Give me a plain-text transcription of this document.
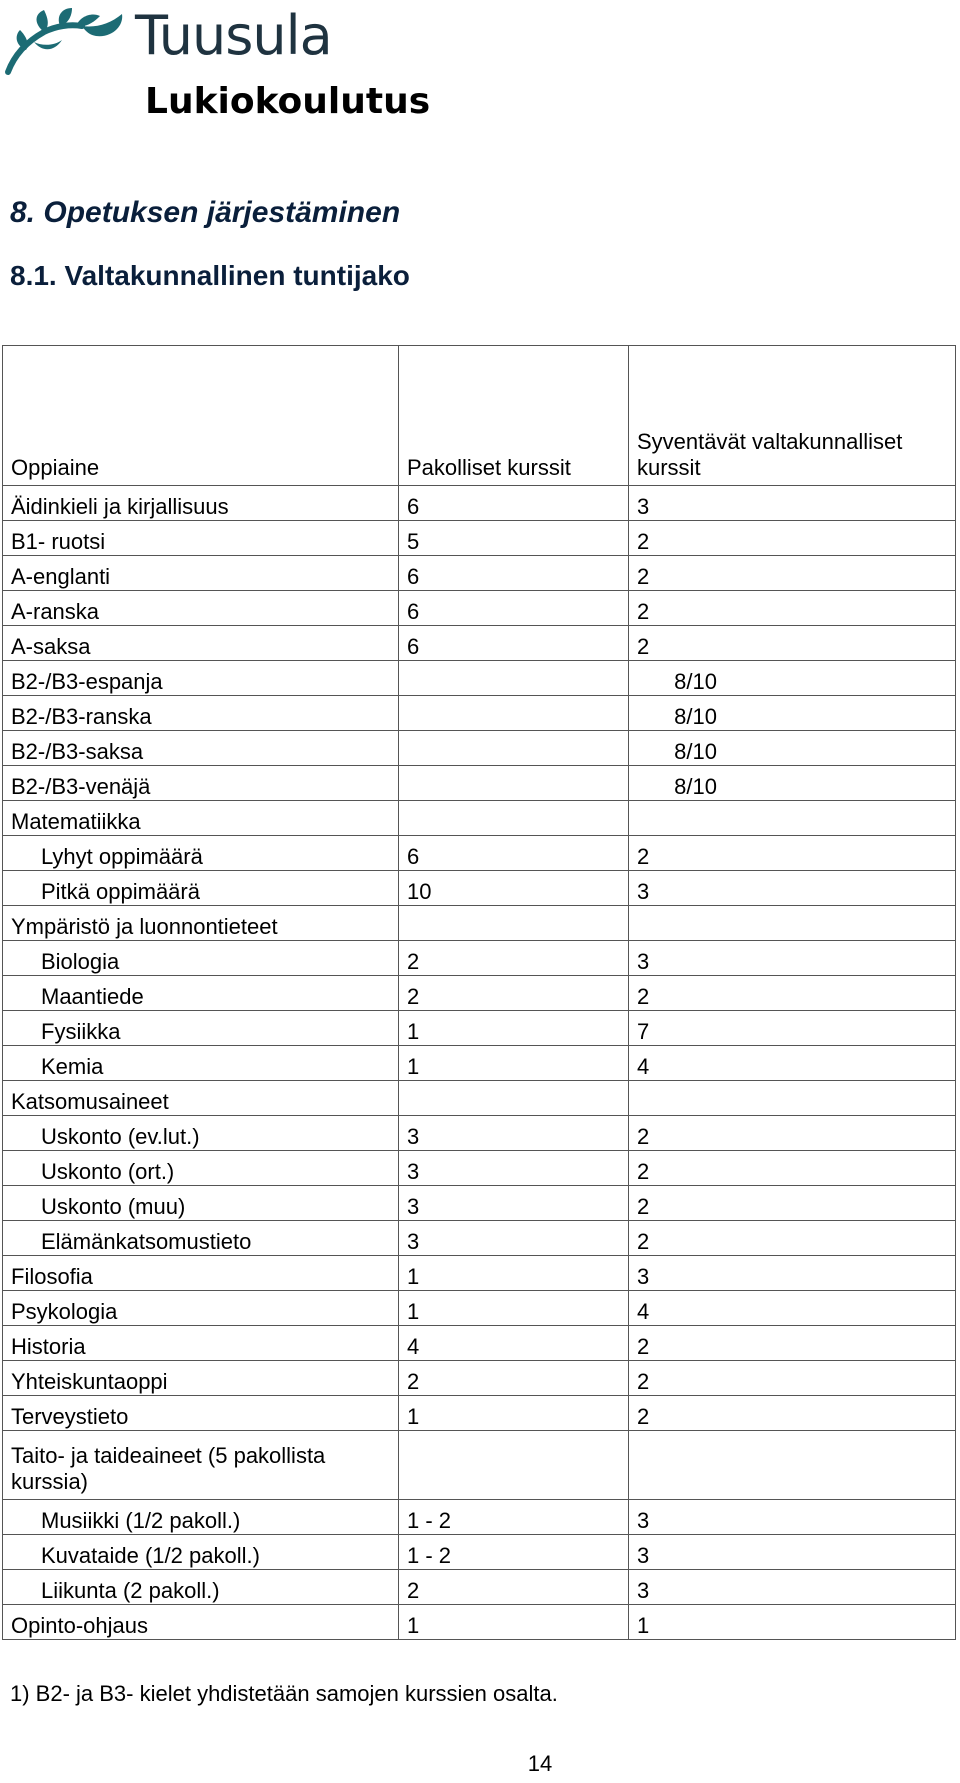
Tuusula
Lukiokoulutus
8. Opetuksen järjestäminen
8.1. Valtakunnallinen tuntijako
Oppiaine	Pakolliset kurssit	Syventävät valtakunnalliset kurssit
Äidinkieli ja kirjallisuus	6	3
B1- ruotsi	5	2
A-englanti	6	2
A-ranska	6	2
A-saksa	6	2
B2-/B3-espanja		8/10
B2-/B3-ranska		8/10
B2-/B3-saksa		8/10
B2-/B3-venäjä		8/10
Matematiikka		
Lyhyt oppimäärä	6	2
Pitkä oppimäärä	10	3
Ympäristö ja luonnontieteet		
Biologia	2	3
Maantiede	2	2
Fysiikka	1	7
Kemia	1	4
Katsomusaineet		
Uskonto (ev.lut.)	3	2
Uskonto (ort.)	3	2
Uskonto (muu)	3	2
Elämänkatsomustieto	3	2
Filosofia	1	3
Psykologia	1	4
Historia	4	2
Yhteiskuntaoppi	2	2
Terveystieto	1	2
Taito- ja taideaineet (5 pakollista kurssia)		
Musiikki (1/2 pakoll.)	1 - 2	3
Kuvataide (1/2 pakoll.)	1 - 2	3
Liikunta (2 pakoll.)	2	3
Opinto-ohjaus	1	1
1) B2- ja B3- kielet yhdistetään samojen kurssien osalta.
14
